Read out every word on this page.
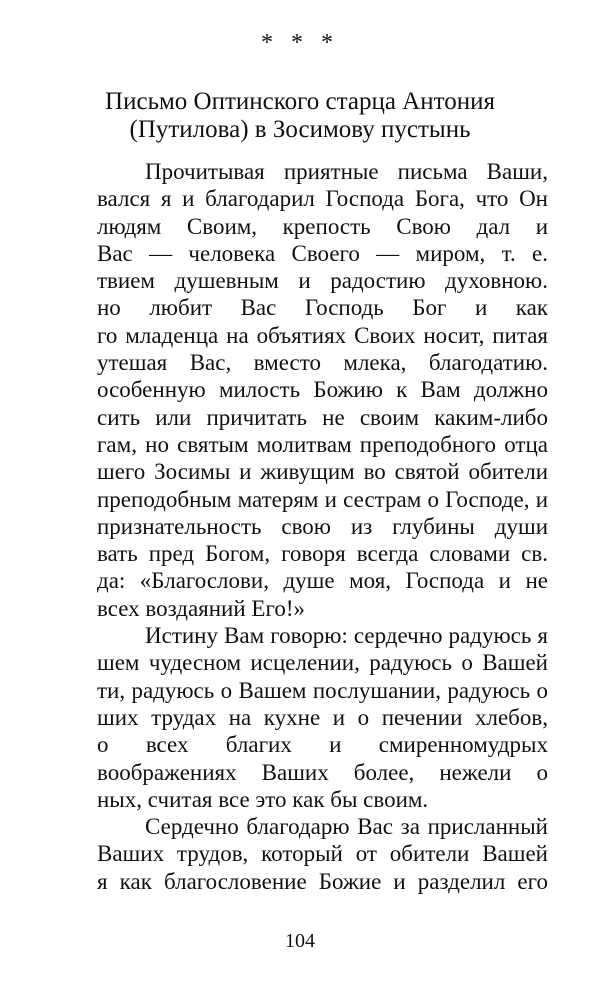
* * *
Письмо Оптинского старца Антония
(Путилова) в Зосимову пустынь
Прочитывая приятные письма Ваши,
вался я и благодарил Господа Бога, что Он
людям Своим, крепость Свою дал и
Вас — человека Своего — миром, т. е.
твием душевным и радостию духовною.
но любит Вас Господь Бог и как
го младенца на объятиях Своих носит, питая
утешая Вас, вместо млека, благодатию.
особенную милость Божию к Вам должно
сить или причитать не своим каким-либо
гам, но святым молитвам преподобного отца
шего Зосимы и живущим во святой обители
преподобным матерям и сестрам о Господе, и
признательность свою из глубины души
вать пред Богом, говоря всегда словами св.
да: «Благослови, душе моя, Господа и не
всех воздаяний Его!»
Истину Вам говорю: сердечно радуюсь я
шем чудесном исцелении, радуюсь о Вашей
ти, радуюсь о Вашем послушании, радуюсь о
ших трудах на кухне и о печении хлебов,
о всех благих и смиренномудрых
воображениях Ваших более, нежели о
ных, считая все это как бы своим.
Сердечно благодарю Вас за присланный
Ваших трудов, который от обители Вашей
я как благословение Божие и разделил его
104
